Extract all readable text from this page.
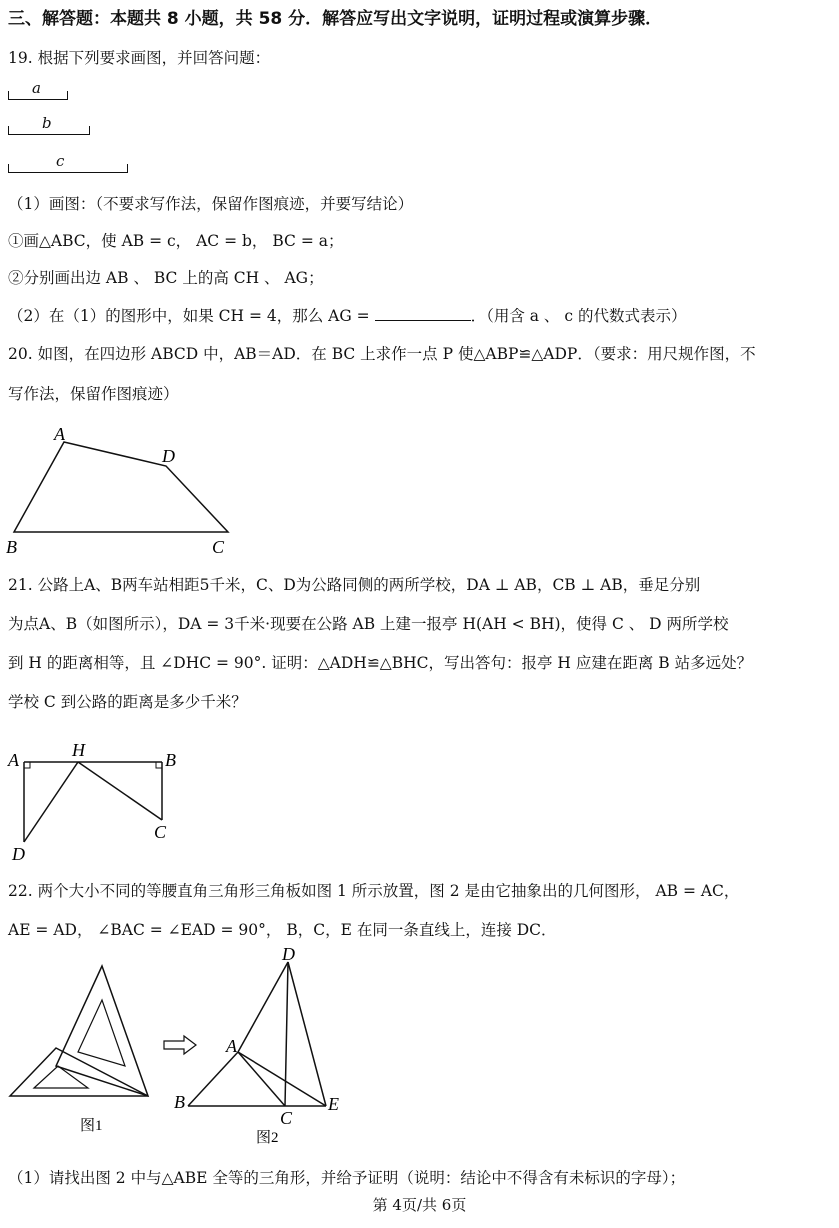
三、解答题：本题共 8 小题，共 58 分．解答应写出文字说明，证明过程或演算步骤．
19. 根据下列要求画图，并回答问题：
a
b
c
（1）画图：（不要求写作法，保留作图痕迹，并要写结论）
①画△ABC，使 AB = c， AC = b， BC = a；
②分别画出边 AB 、 BC 上的高 CH 、 AG；
（2）在（1）的图形中，如果 CH = 4，那么 AG =	．（用含 a 、 c 的代数式表示）
20. 如图，在四边形 ABCD 中，AB＝AD．在 BC 上求作一点 P 使△ABP≌△ADP．（要求：用尺规作图，不
写作法，保留作图痕迹）
A
D
B	C
21. 公路上A、B两车站相距5千米，C、D为公路同侧的两所学校，DA ⊥ AB，CB ⊥ AB，垂足分别
为点A、B（如图所示），DA = 3千米·现要在公路 AB 上建一报亭 H(AH < BH)，使得 C 、 D 两所学校
到 H 的距离相等，且 ∠DHC = 90°. 证明：△ADH≌△BHC，写出答句：报亭 H 应建在距离 B 站多远处？
学校 C 到公路的距离是多少千米？
A	H	B
C
D
22. 两个大小不同的等腰直角三角形三角板如图 1 所示放置，图 2 是由它抽象出的几何图形， AB = AC，
AE = AD， ∠BAC = ∠EAD = 90°， B，C，E 在同一条直线上，连接 DC．
图1
D
A
B
C
E
图2
（1）请找出图 2 中与△ABE 全等的三角形，并给予证明（说明：结论中不得含有未标识的字母）；
第 4页/共 6页
